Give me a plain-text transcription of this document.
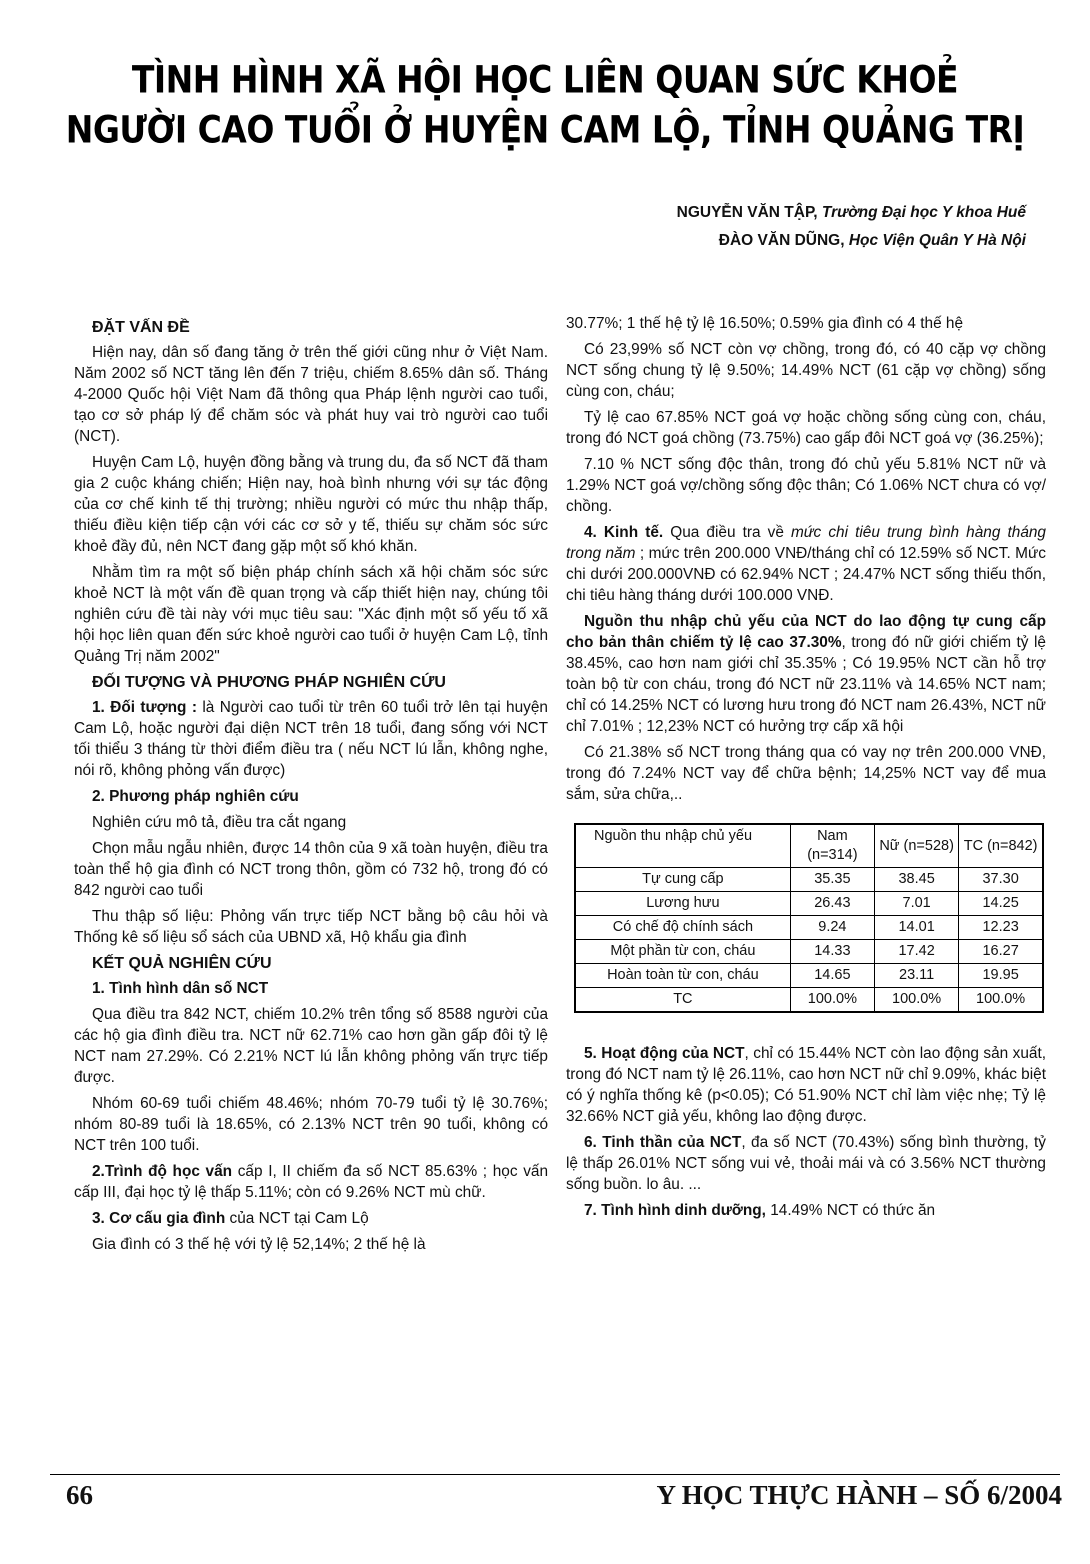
TÌNH HÌNH XÃ HỘI HỌC LIÊN QUAN SỨC KHOẺ
NGƯỜI CAO TUỔI Ở HUYỆN CAM LỘ, TỈNH QUẢNG TRỊ
NGUYỄN VĂN TẬP, Trường Đại học Y khoa Huế
ĐÀO VĂN DŨNG, Học Viện Quân Y Hà Nội
ĐẶT VẤN ĐỀ

Hiện nay, dân số đang tăng ở trên thế giới cũng như ở Việt Nam. Năm 2002 số NCT tăng lên đến 7 triệu, chiếm 8.65% dân số. Tháng 4-2000 Quốc hội Việt Nam đã thông qua Pháp lệnh người cao tuổi, tạo cơ sở pháp lý để chăm sóc và phát huy vai trò người cao tuổi (NCT).

Huyện Cam Lộ, huyện đồng bằng và trung du, đa số NCT đã tham gia 2 cuộc kháng chiến; Hiện nay, hoà bình nhưng với sự tác động của cơ chế kinh tế thị trường; nhiều người có mức thu nhập thấp, thiếu điều kiện tiếp cận với các cơ sở y tế, thiếu sự chăm sóc sức khoẻ đầy đủ, nên NCT đang gặp một số khó khăn.

Nhằm tìm ra một số biện pháp chính sách xã hội chăm sóc sức khoẻ NCT là một vấn đề quan trọng và cấp thiết hiện nay, chúng tôi nghiên cứu đề tài này với mục tiêu sau: "Xác định một số yếu tố xã hội học liên quan đến sức khoẻ người cao tuổi ở huyện Cam Lộ, tỉnh Quảng Trị năm 2002"

ĐỐI TƯỢNG VÀ PHƯƠNG PHÁP NGHIÊN CỨU

1. Đối tượng : là Người cao tuổi từ trên 60 tuổi trở lên tại huyện Cam Lộ, hoặc người đại diện NCT trên 18 tuổi, đang sống với NCT tối thiểu 3 tháng từ thời điểm điều tra ( nếu NCT lú lẫn, không nghe, nói rõ, không phỏng vấn được)

2. Phương pháp nghiên cứu

Nghiên cứu mô tả, điều tra cắt ngang

Chọn mẫu ngẫu nhiên, được 14 thôn của 9 xã toàn huyện, điều tra toàn thể hộ gia đình có NCT trong thôn, gồm có 732 hộ, trong đó có 842 người cao tuổi

Thu thập số liệu: Phỏng vấn trực tiếp NCT bằng bộ câu hỏi và Thống kê số liệu sổ sách của UBND xã, Hộ khẩu gia đình

KẾT QUẢ NGHIÊN CỨU

1. Tình hình dân số NCT

Qua điều tra 842 NCT, chiếm 10.2% trên tổng số 8588 người của các hộ gia đình điều tra. NCT nữ 62.71% cao hơn gần gấp đôi tỷ lệ NCT nam 27.29%. Có 2.21% NCT lú lẫn không phỏng vấn trực tiếp được.

Nhóm 60-69 tuổi chiếm 48.46%; nhóm 70-79 tuổi tỷ lệ 30.76%; nhóm 80-89 tuổi là 18.65%, có 2.13% NCT trên 90 tuổi, không có NCT trên 100 tuổi.

2.Trình độ học vấn cấp I, II chiếm đa số NCT 85.63% ; học vấn cấp III, đại học tỷ lệ thấp 5.11%; còn có 9.26% NCT mù chữ.

3. Cơ cấu gia đình của NCT tại Cam Lộ

Gia đình có 3 thế hệ với tỷ lệ 52,14%; 2 thế hệ là

30.77%; 1 thế hệ tỷ lệ 16.50%; 0.59% gia đình có 4 thế hệ

Có 23,99% số NCT còn vợ chồng, trong đó, có 40 cặp vợ chồng NCT sống chung tỷ lệ 9.50%; 14.49% NCT (61 cặp vợ chồng) sống cùng con, cháu;

Tỷ lệ cao 67.85% NCT goá vợ hoặc chồng sống cùng con, cháu, trong đó NCT goá chồng (73.75%) cao gấp đôi NCT goá vợ (36.25%);

7.10 % NCT sống độc thân, trong đó chủ yếu 5.81% NCT nữ và 1.29% NCT goá vợ/chồng sống độc thân; Có 1.06% NCT chưa có vợ/ chồng.

4. Kinh tế. Qua điều tra về mức chi tiêu trung bình hàng tháng trong năm ; mức trên 200.000 VNĐ/tháng chỉ có 12.59% số NCT. Mức chi dưới 200.000VNĐ có 62.94% NCT ; 24.47% NCT sống thiếu thốn, chi tiêu hàng tháng dưới 100.000 VNĐ.

Nguồn thu nhập chủ yếu của NCT do lao động tự cung cấp cho bản thân chiếm tỷ lệ cao 37.30%, trong đó nữ giới chiếm tỷ lệ 38.45%, cao hơn nam giới chỉ 35.35% ; Có 19.95% NCT cần hỗ trợ toàn bộ từ con cháu, trong đó NCT nữ 23.11% và 14.65% NCT nam; chỉ có 14.25% NCT có lương hưu trong đó NCT nam 26.43%, NCT nữ chỉ 7.01% ; 12,23% NCT có hưởng trợ cấp xã hội

Có 21.38% số NCT trong tháng qua có vay nợ trên 200.000 VNĐ, trong đó 7.24% NCT vay để chữa bệnh; 14,25% NCT vay để mua sắm, sửa chữa,..

Nguồn thu nhập chủ yếu	Nam (n=314)	Nữ (n=528)	TC (n=842)
Tự cung cấp	35.35	38.45	37.30
Lương hưu	26.43	7.01	14.25
Có chế độ chính sách	9.24	14.01	12.23
Một phần từ con, cháu	14.33	17.42	16.27
Hoàn toàn từ con, cháu	14.65	23.11	19.95
TC	100.0%	100.0%	100.0%

5. Hoạt động của NCT, chỉ có 15.44% NCT còn lao động sản xuất, trong đó NCT nam tỷ lệ 26.11%, cao hơn NCT nữ chỉ 9.09%, khác biệt có ý nghĩa thống kê (p<0.05); Có 51.90% NCT chỉ làm việc nhẹ; Tỷ lệ 32.66% NCT giả yếu, không lao động được.

6. Tinh thần của NCT, đa số NCT (70.43%) sống bình thường, tỷ lệ thấp 26.01% NCT sống vui vẻ, thoải mái và có 3.56% NCT thường sống buồn. lo âu. ...

7. Tình hình dinh dưỡng, 14.49% NCT có thức ăn

66	Y HỌC THỰC HÀNH – SỐ 6/2004
